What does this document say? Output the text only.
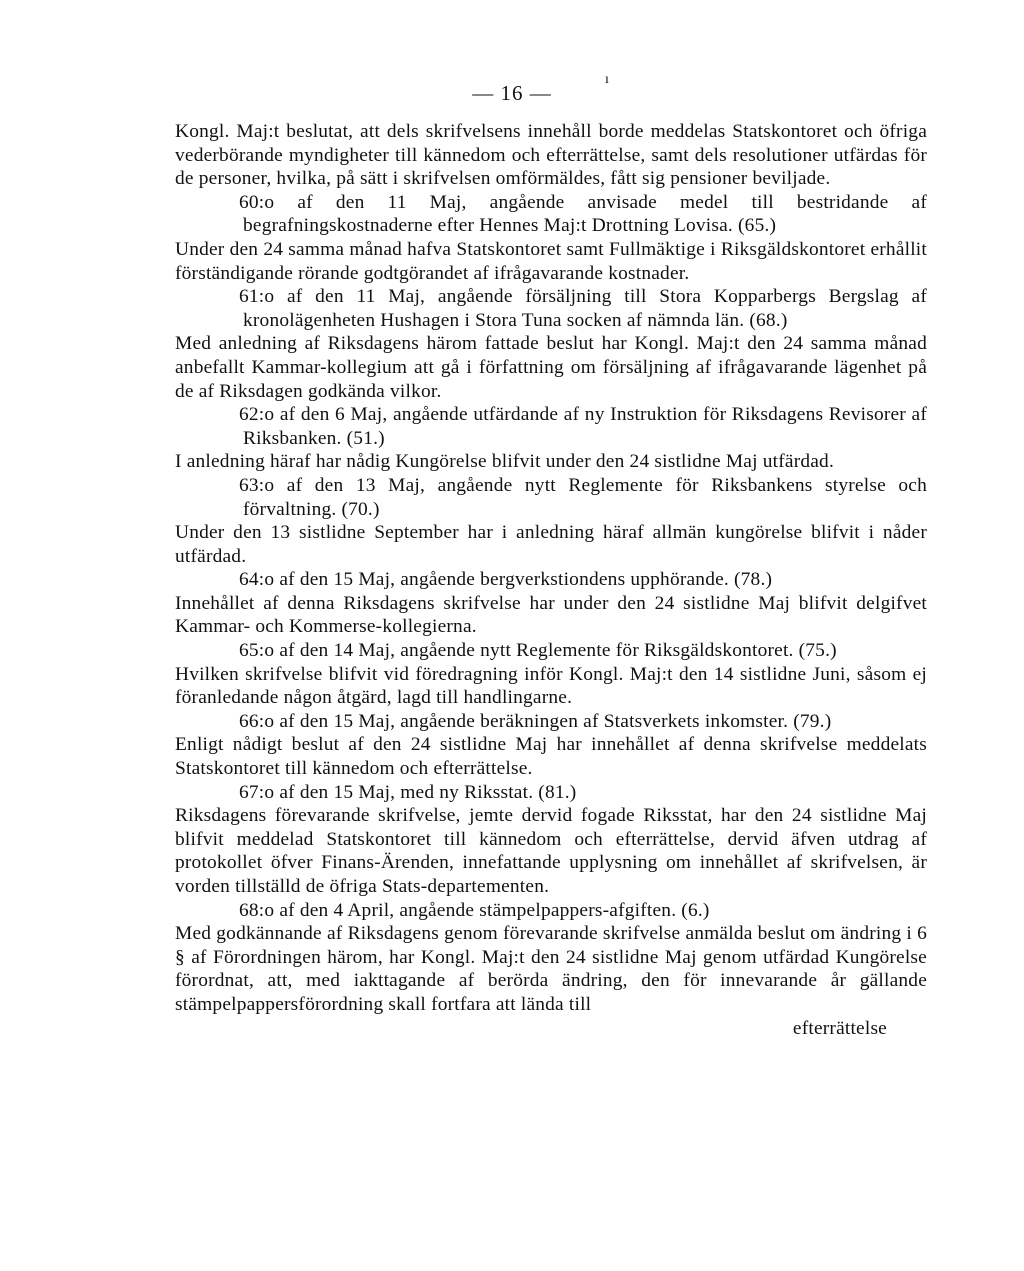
— 16 —
ı

Kongl. Maj:t beslutat, att dels skrifvelsens innehåll borde meddelas Statskontoret och öfriga vederbörande myndigheter till kännedom och efterrättelse, samt dels resolutioner utfärdas för de personer, hvilka, på sätt i skrifvelsen omförmäldes, fått sig pensioner beviljade.

60:o af den 11 Maj, angående anvisade medel till bestridande af begrafningskostnaderne efter Hennes Maj:t Drottning Lovisa. (65.)

Under den 24 samma månad hafva Statskontoret samt Fullmäktige i Riksgäldskontoret erhållit förständigande rörande godtgörandet af ifrågavarande kostnader.

61:o af den 11 Maj, angående försäljning till Stora Kopparbergs Bergslag af kronolägenheten Hushagen i Stora Tuna socken af nämnda län. (68.)

Med anledning af Riksdagens härom fattade beslut har Kongl. Maj:t den 24 samma månad anbefallt Kammar-kollegium att gå i författning om försäljning af ifrågavarande lägenhet på de af Riksdagen godkända vilkor.

62:o af den 6 Maj, angående utfärdande af ny Instruktion för Riksdagens Revisorer af Riksbanken. (51.)

I anledning häraf har nådig Kungörelse blifvit under den 24 sistlidne Maj utfärdad.

63:o af den 13 Maj, angående nytt Reglemente för Riksbankens styrelse och förvaltning. (70.)

Under den 13 sistlidne September har i anledning häraf allmän kungörelse blifvit i nåder utfärdad.

64:o af den 15 Maj, angående bergverkstiondens upphörande. (78.)

Innehållet af denna Riksdagens skrifvelse har under den 24 sistlidne Maj blifvit delgifvet Kammar- och Kommerse-kollegierna.

65:o af den 14 Maj, angående nytt Reglemente för Riksgäldskontoret. (75.)

Hvilken skrifvelse blifvit vid föredragning inför Kongl. Maj:t den 14 sistlidne Juni, såsom ej föranledande någon åtgärd, lagd till handlingarne.

66:o af den 15 Maj, angående beräkningen af Statsverkets inkomster. (79.)

Enligt nådigt beslut af den 24 sistlidne Maj har innehållet af denna skrifvelse meddelats Statskontoret till kännedom och efterrättelse.

67:o af den 15 Maj, med ny Riksstat. (81.)

Riksdagens förevarande skrifvelse, jemte dervid fogade Riksstat, har den 24 sistlidne Maj blifvit meddelad Statskontoret till kännedom och efterrättelse, dervid äfven utdrag af protokollet öfver Finans-Ärenden, innefattande upplysning om innehållet af skrifvelsen, är vorden tillställd de öfriga Stats-departementen.

68:o af den 4 April, angående stämpelpappers-afgiften. (6.)

Med godkännande af Riksdagens genom förevarande skrifvelse anmälda beslut om ändring i 6 § af Förordningen härom, har Kongl. Maj:t den 24 sistlidne Maj genom utfärdad Kungörelse förordnat, att, med iakttagande af berörda ändring, den för innevarande år gällande stämpelpappersförordning skall fortfara att lända till

efterrättelse
